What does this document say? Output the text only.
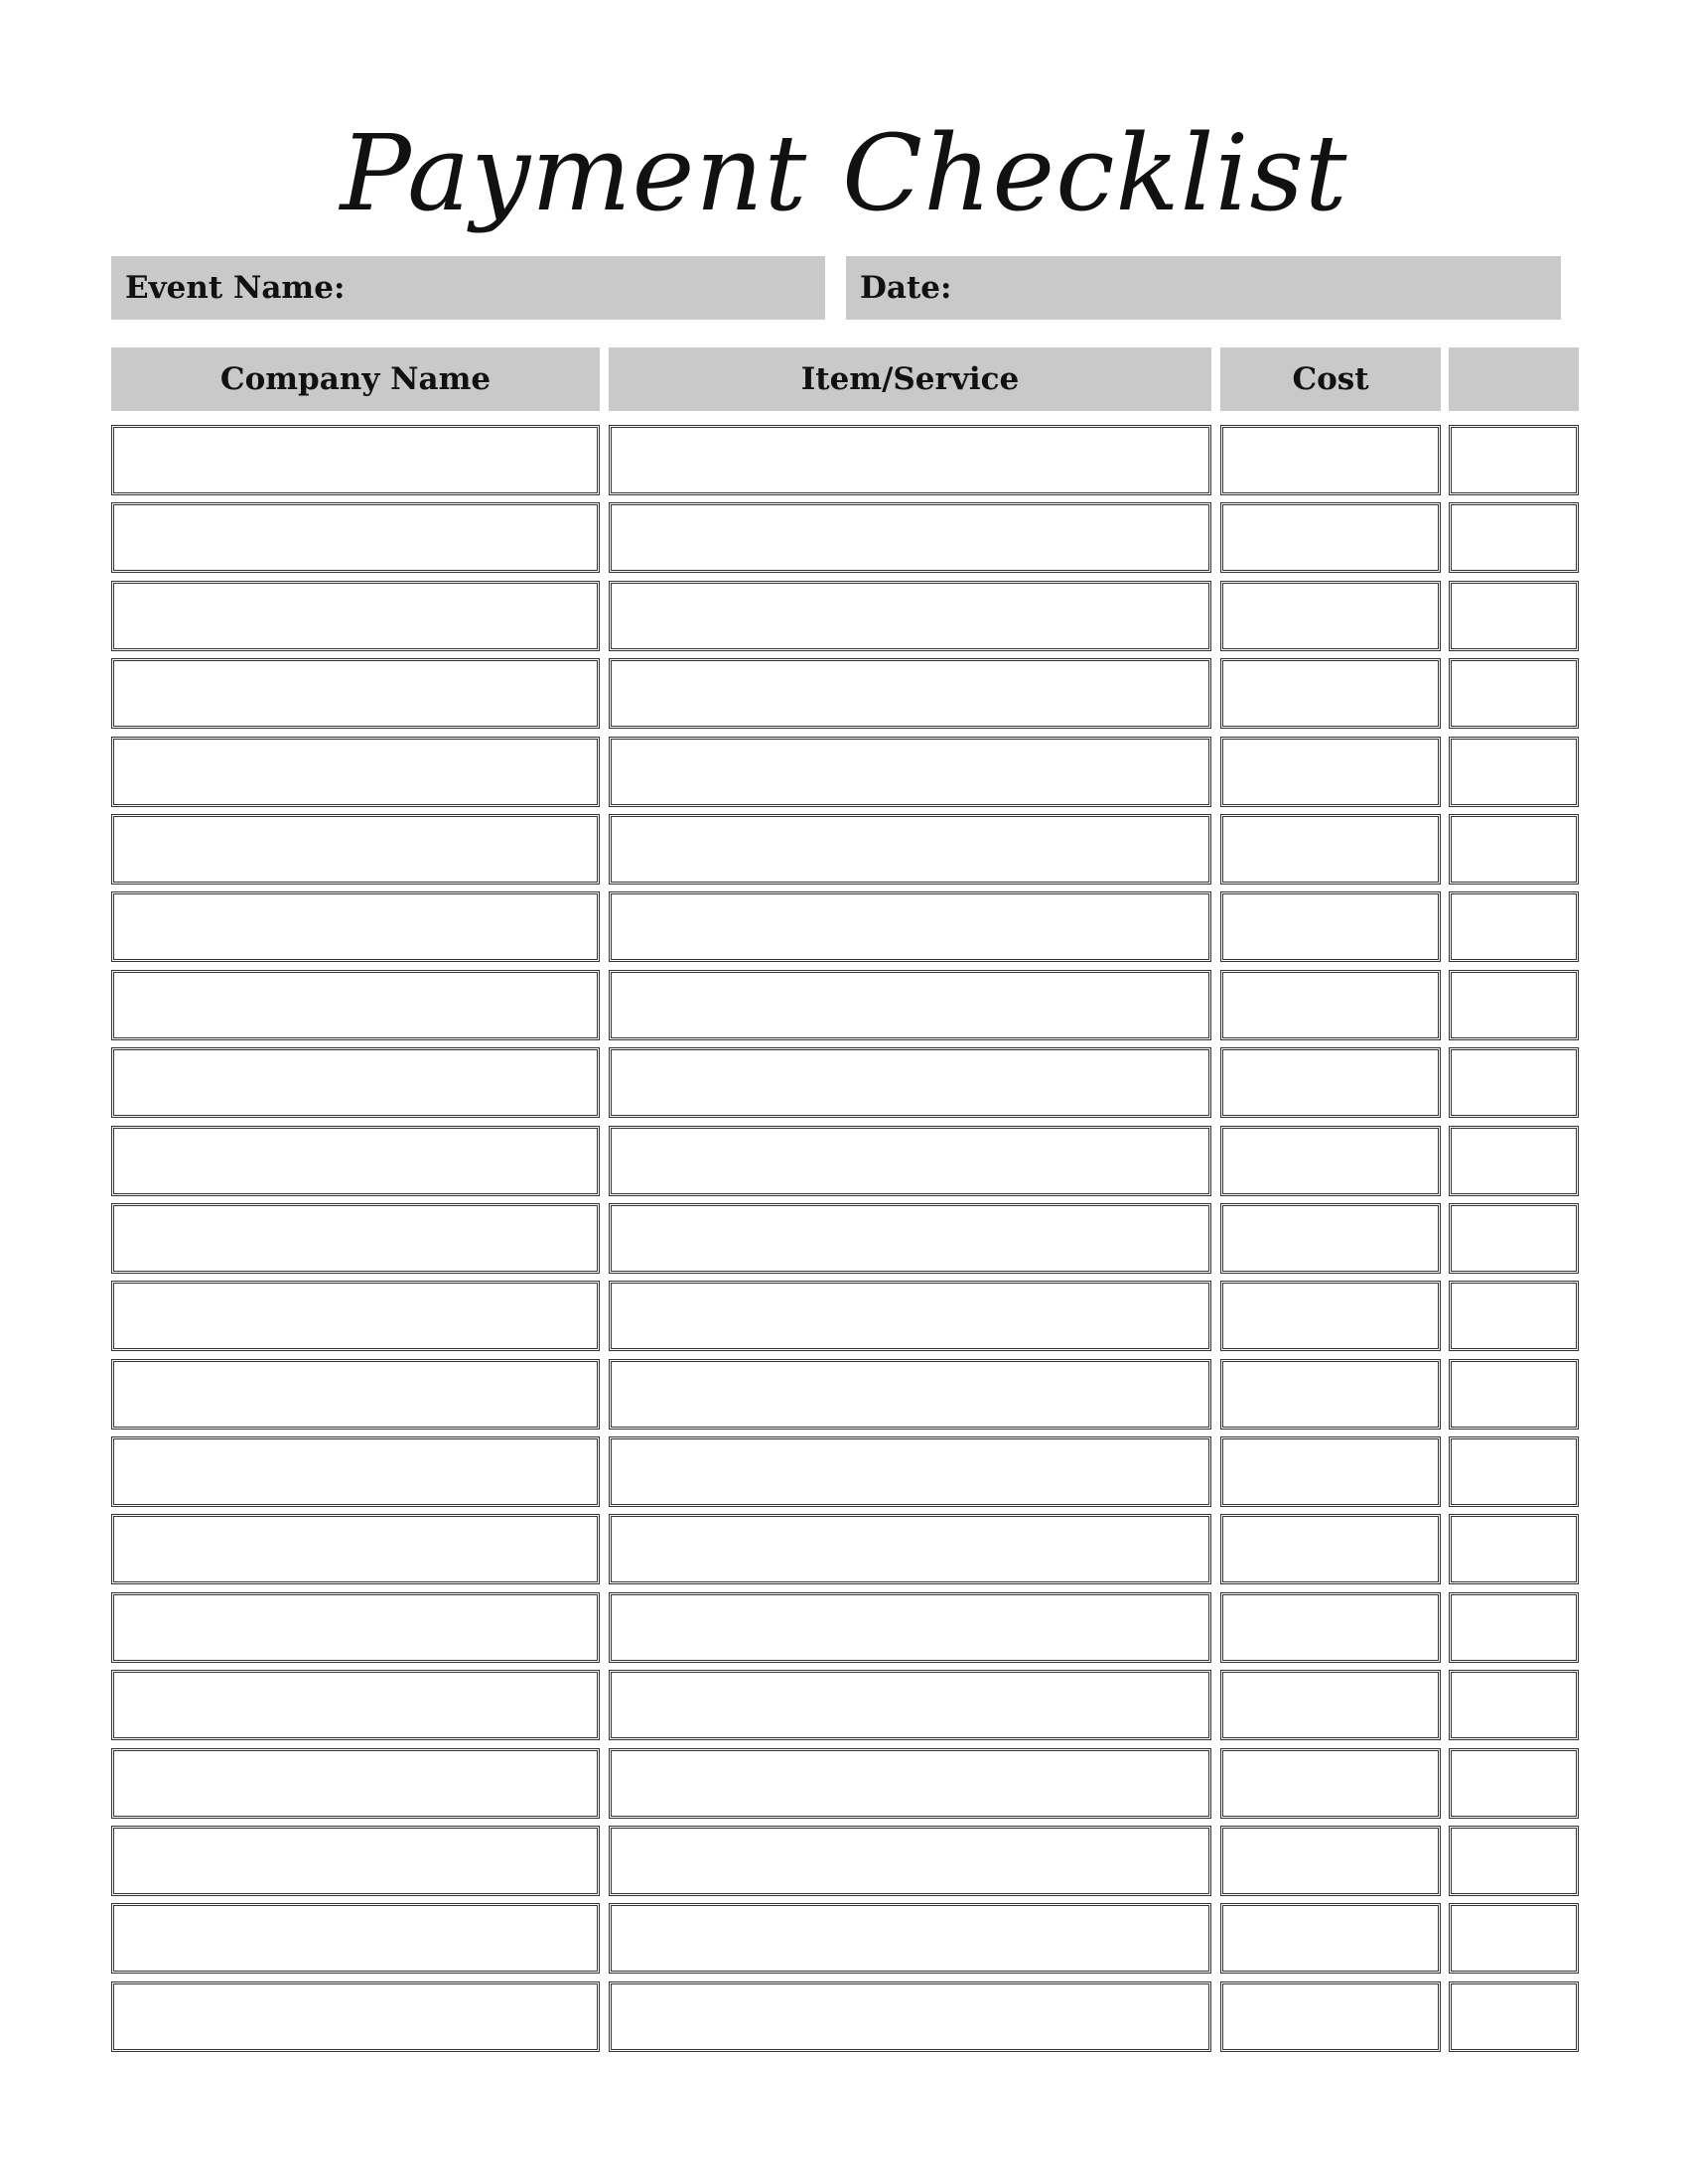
Payment Checklist
Event Name:	Date:
Company Name	Item/Service	Cost
